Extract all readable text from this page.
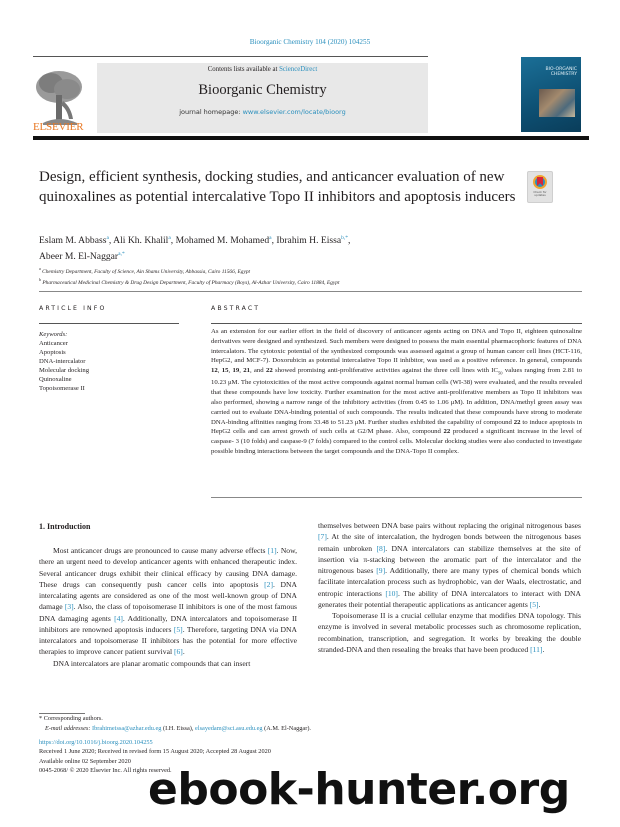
Bioorganic Chemistry 104 (2020) 104255
ELSEVIER
Contents lists available at ScienceDirect
Bioorganic Chemistry
journal homepage: www.elsevier.com/locate/bioorg
BIO-ORGANIC
CHEMISTRY
Design, efficient synthesis, docking studies, and anticancer evaluation of new quinoxalines as potential intercalative Topo II inhibitors and apoptosis inducers	Check for
updates
Eslam M. Abbass$^a$, Ali Kh. Khalil$^a$, Mohamed M. Mohamed$^a$, Ibrahim H. Eissa$^{b,*}$,
Abeer M. El-Naggar$^{a,*}$
$^a$ Chemistry Department, Faculty of Science, Ain Shams University, Abbassia, Cairo 11566, Egypt
$^b$ Pharmaceutical Medicinal Chemistry & Drug Design Department, Faculty of Pharmacy (Boys), Al-Azhar University, Cairo 11884, Egypt
ARTICLE INFO
Keywords:
Anticancer
Apoptosis
DNA-intercalator
Molecular docking
Quinoxaline
Topoisomerase II
ABSTRACT

As an extension for our earlier effort in the field of discovery of anticancer agents acting on DNA and Topo II, eighteen quinoxaline derivatives were designed and synthesized. Such members were designed to possess the main essential pharmacophoric features of DNA intercalators. The cytotoxic potential of the synthesized compounds was assessed against a group of human cancer cell lines (HCT-116, HepG2, and MCF-7). Doxorubicin as potential intercalative Topo II inhibitor, was used as a positive reference. In general, compounds 12, 15, 19, 21, and 22 showed promising anti-proliferative activities against the three cell lines with $IC_{50}$ values ranging from 2.81 to 10.23 μM. The cytotoxicities of the most active compounds against normal human cells (WI-38) were evaluated, and the results revealed that these compounds have low toxicity. Further examination for the most active anti-proliferative members as Topo II inhibitors was also performed, showing a narrow range of the inhibitory activities (from 0.45 to 1.06 μM). In addition, DNA/methyl green assay was carried out to evaluate DNA-binding potential of such compounds. The results indicated that these compounds have strong to moderate DNA-binding affinities ranging from 33.48 to 51.23 μM. Further studies exhibited the capability of compound 22 to induce apoptosis in HepG2 cells and can arrest growth of such cells at G2/M phase. Also, compound 22 produced a significant increase in the level of caspase- 3 (10 folds) and caspase-9 (7 folds) compared to the control cells. Molecular docking studies were also conducted to investigate possible binding interactions between the target compounds and the DNA-Topo II complex.

1. Introduction

Most anticancer drugs are pronounced to cause many adverse effects [1]. Now, there an urgent need to develop anticancer agents with enhanced therapeutic index. Several anticancer drugs exhibit their clinical efficacy by causing DNA damage. These drugs can consequently push cancer cells into apoptosis [2]. DNA intercalating agents are considered as one of the most well-known group of DNA damage [3]. Also, the class of topoisomerase II inhibitors is one of the most famous DNA damaging agents [4]. Additionally, DNA intercalators and topoisomerase II inhibitors are renowned apoptosis inducers [5]. Therefore, targeting DNA via DNA intercalators and topoisomerase II inhibitors has the potential for more effective therapies to improve cancer patient survival [6].

DNA intercalators are planar aromatic compounds that can insert

themselves between DNA base pairs without replacing the original nitrogenous bases [7]. At the site of intercalation, the hydrogen bonds between the nitrogenous bases remain unbroken [8]. DNA intercalators can stabilize themselves at the site of insertion via π-stacking between the aromatic part of the intercalator and the nitrogenous bases [9]. Additionally, there are many types of chemical bonds which facilitate intercalation process such as hydrophobic, van der Waals, electrostatic, and entropic interactions [10]. The ability of DNA intercalators to interact with DNA generates their potential therapeutic applications as anticancer agents [5].

Topoisomerase II is a crucial cellular enzyme that modifies DNA topology. This enzyme is involved in several metabolic processes such as chromosome replication, recombination, transcription, and segregation. It works by breaking the double stranded-DNA and then resealing the breaks that have been produced [11].

* Corresponding authors.
E-mail addresses: Ibrahimeissa@azhar.edu.eg (I.H. Eissa), elsayedam@sci.asu.edu.eg (A.M. El-Naggar).
https://doi.org/10.1016/j.bioorg.2020.104255
Received 1 June 2020; Received in revised form 15 August 2020; Accepted 28 August 2020
Available online 02 September 2020
0045-2068/ © 2020 Elsevier Inc. All rights reserved.
ebook-hunter.org
